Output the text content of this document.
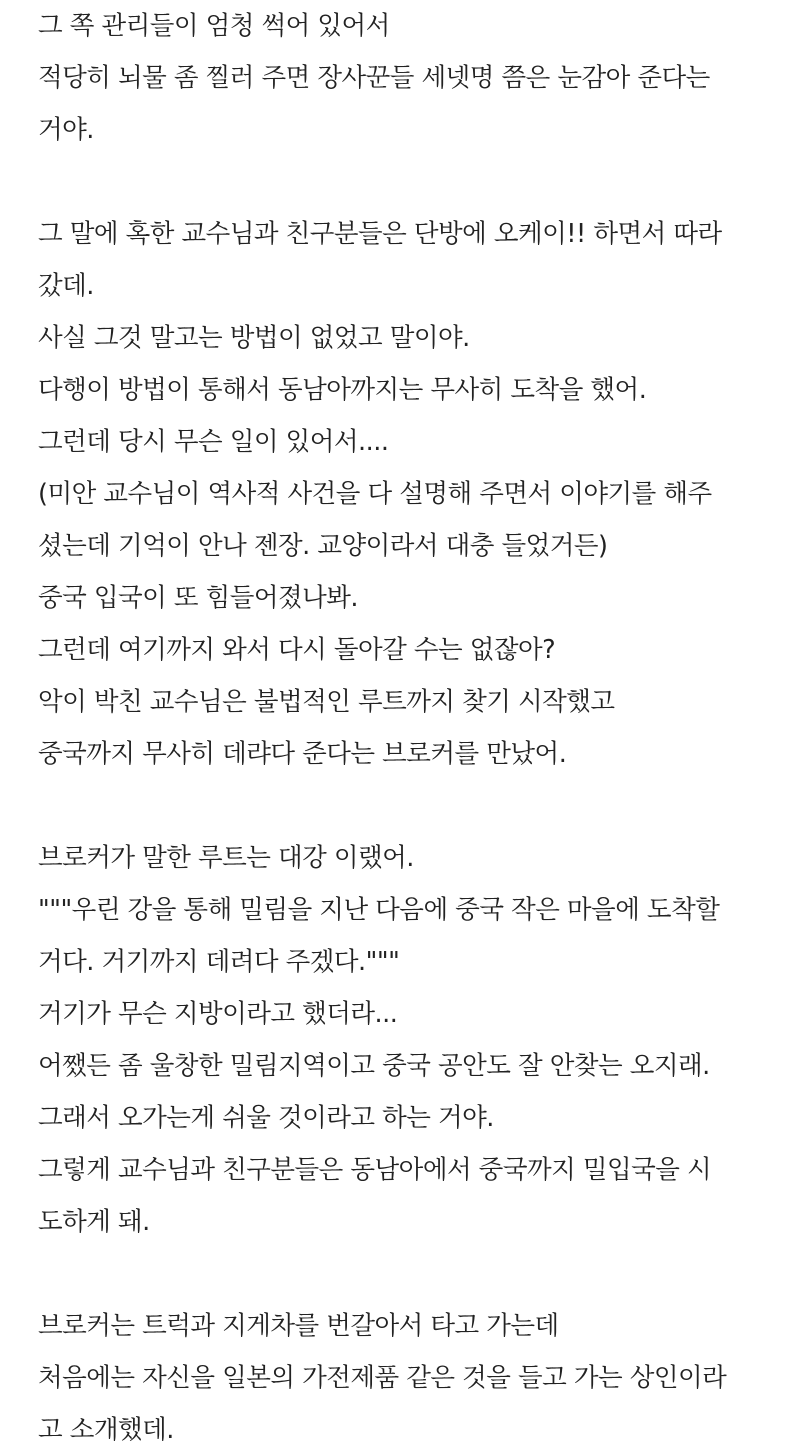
그 쪽 관리들이 엄청 썩어 있어서
적당히 뇌물 좀 찔러 주면 장사꾼들 세넷명 쯤은 눈감아 준다는
거야.
그 말에 혹한 교수님과 친구분들은 단방에 오케이!! 하면서 따라
갔데.
사실 그것 말고는 방법이 없었고 말이야.
다행이 방법이 통해서 동남아까지는 무사히 도착을 했어.
그런데 당시 무슨 일이 있어서....
(미안 교수님이 역사적 사건을 다 설명해 주면서 이야기를 해주
셨는데 기억이 안나 젠장. 교양이라서 대충 들었거든)
중국 입국이 또 힘들어졌나봐.
그런데 여기까지 와서 다시 돌아갈 수는 없잖아?
악이 박친 교수님은 불법적인 루트까지 찾기 시작했고
중국까지 무사히 데랴다 준다는 브로커를 만났어.
브로커가 말한 루트는 대강 이랬어.
"""우린 강을 통해 밀림을 지난 다음에 중국 작은 마을에 도착할
거다. 거기까지 데려다 주겠다."""
거기가 무슨 지방이라고 했더라...
어쨌든 좀 울창한 밀림지역이고 중국 공안도 잘 안찾는 오지래.
그래서 오가는게 쉬울 것이라고 하는 거야.
그렇게 교수님과 친구분들은 동남아에서 중국까지 밀입국을 시
도하게 돼.
브로커는 트럭과 지게차를 번갈아서 타고 가는데
처음에는 자신을 일본의 가전제품 같은 것을 들고 가는 상인이라
고 소개했데.
